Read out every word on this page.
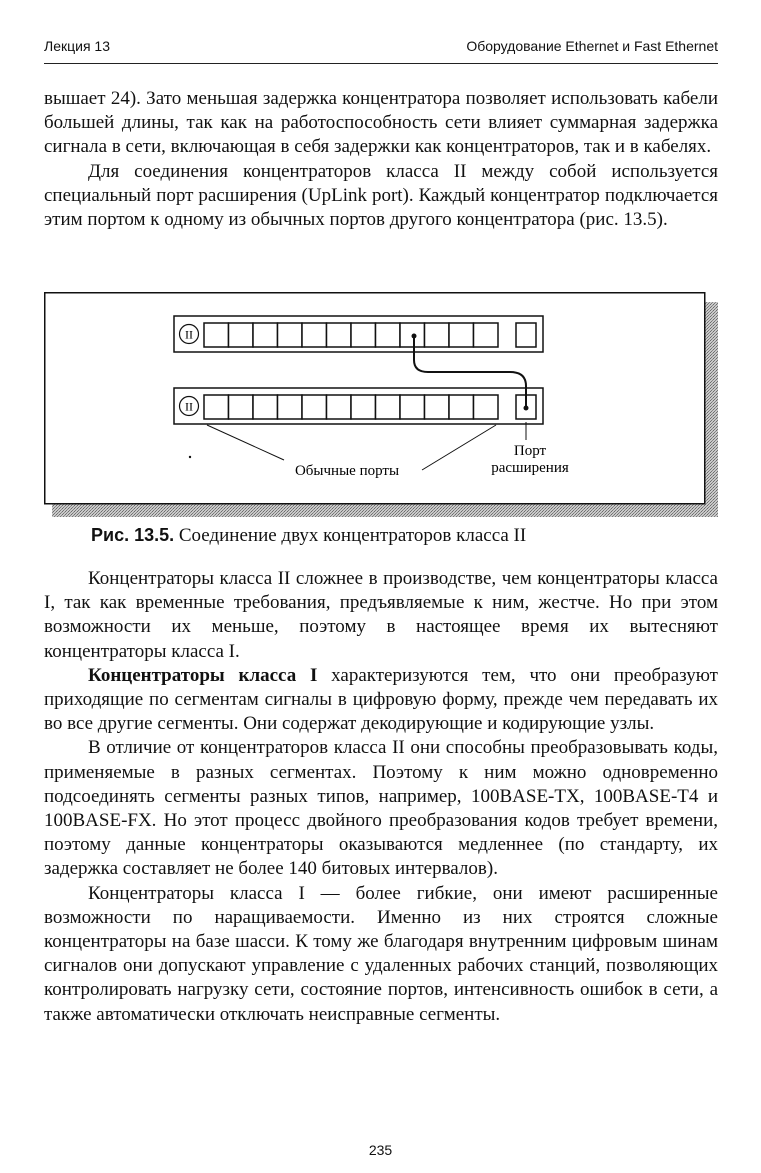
Лекция 13	Оборудование Ethernet и Fast Ethernet

вышает 24). Зато меньшая задержка концентратора позволяет использовать кабели большей длины, так как на работоспособность сети влияет суммарная задержка сигнала в сети, включающая в себя задержки как концентраторов, так и в кабелях.

Для соединения концентраторов класса II между собой используется специальный порт расширения (UpLink port). Каждый концентратор подключается этим портом к одному из обычных портов другого концентратора (рис. 13.5).

II
II
Обычные порты
Порт
расширения
Рис. 13.5. Соединение двух концентраторов класса II

Концентраторы класса II сложнее в производстве, чем концентраторы класса I, так как временные требования, предъявляемые к ним, жестче. Но при этом возможности их меньше, поэтому в настоящее время их вытесняют концентраторы класса I.

Концентраторы класса I характеризуются тем, что они преобразуют приходящие по сегментам сигналы в цифровую форму, прежде чем передавать их во все другие сегменты. Они содержат декодирующие и кодирующие узлы.

В отличие от концентраторов класса II они способны преобразовывать коды, применяемые в разных сегментах. Поэтому к ним можно одновременно подсоединять сегменты разных типов, например, 100BASE-TX, 100BASE-T4 и 100BASE-FX. Но этот процесс двойного преобразования кодов требует времени, поэтому данные концентраторы оказываются медленнее (по стандарту, их задержка составляет не более 140 битовых интервалов).

Концентраторы класса I — более гибкие, они имеют расширенные возможности по наращиваемости. Именно из них строятся сложные концентраторы на базе шасси. К тому же благодаря внутренним цифровым шинам сигналов они допускают управление с удаленных рабочих станций, позволяющих контролировать нагрузку сети, состояние портов, интенсивность ошибок в сети, а также автоматически отключать неисправные сегменты.

235
